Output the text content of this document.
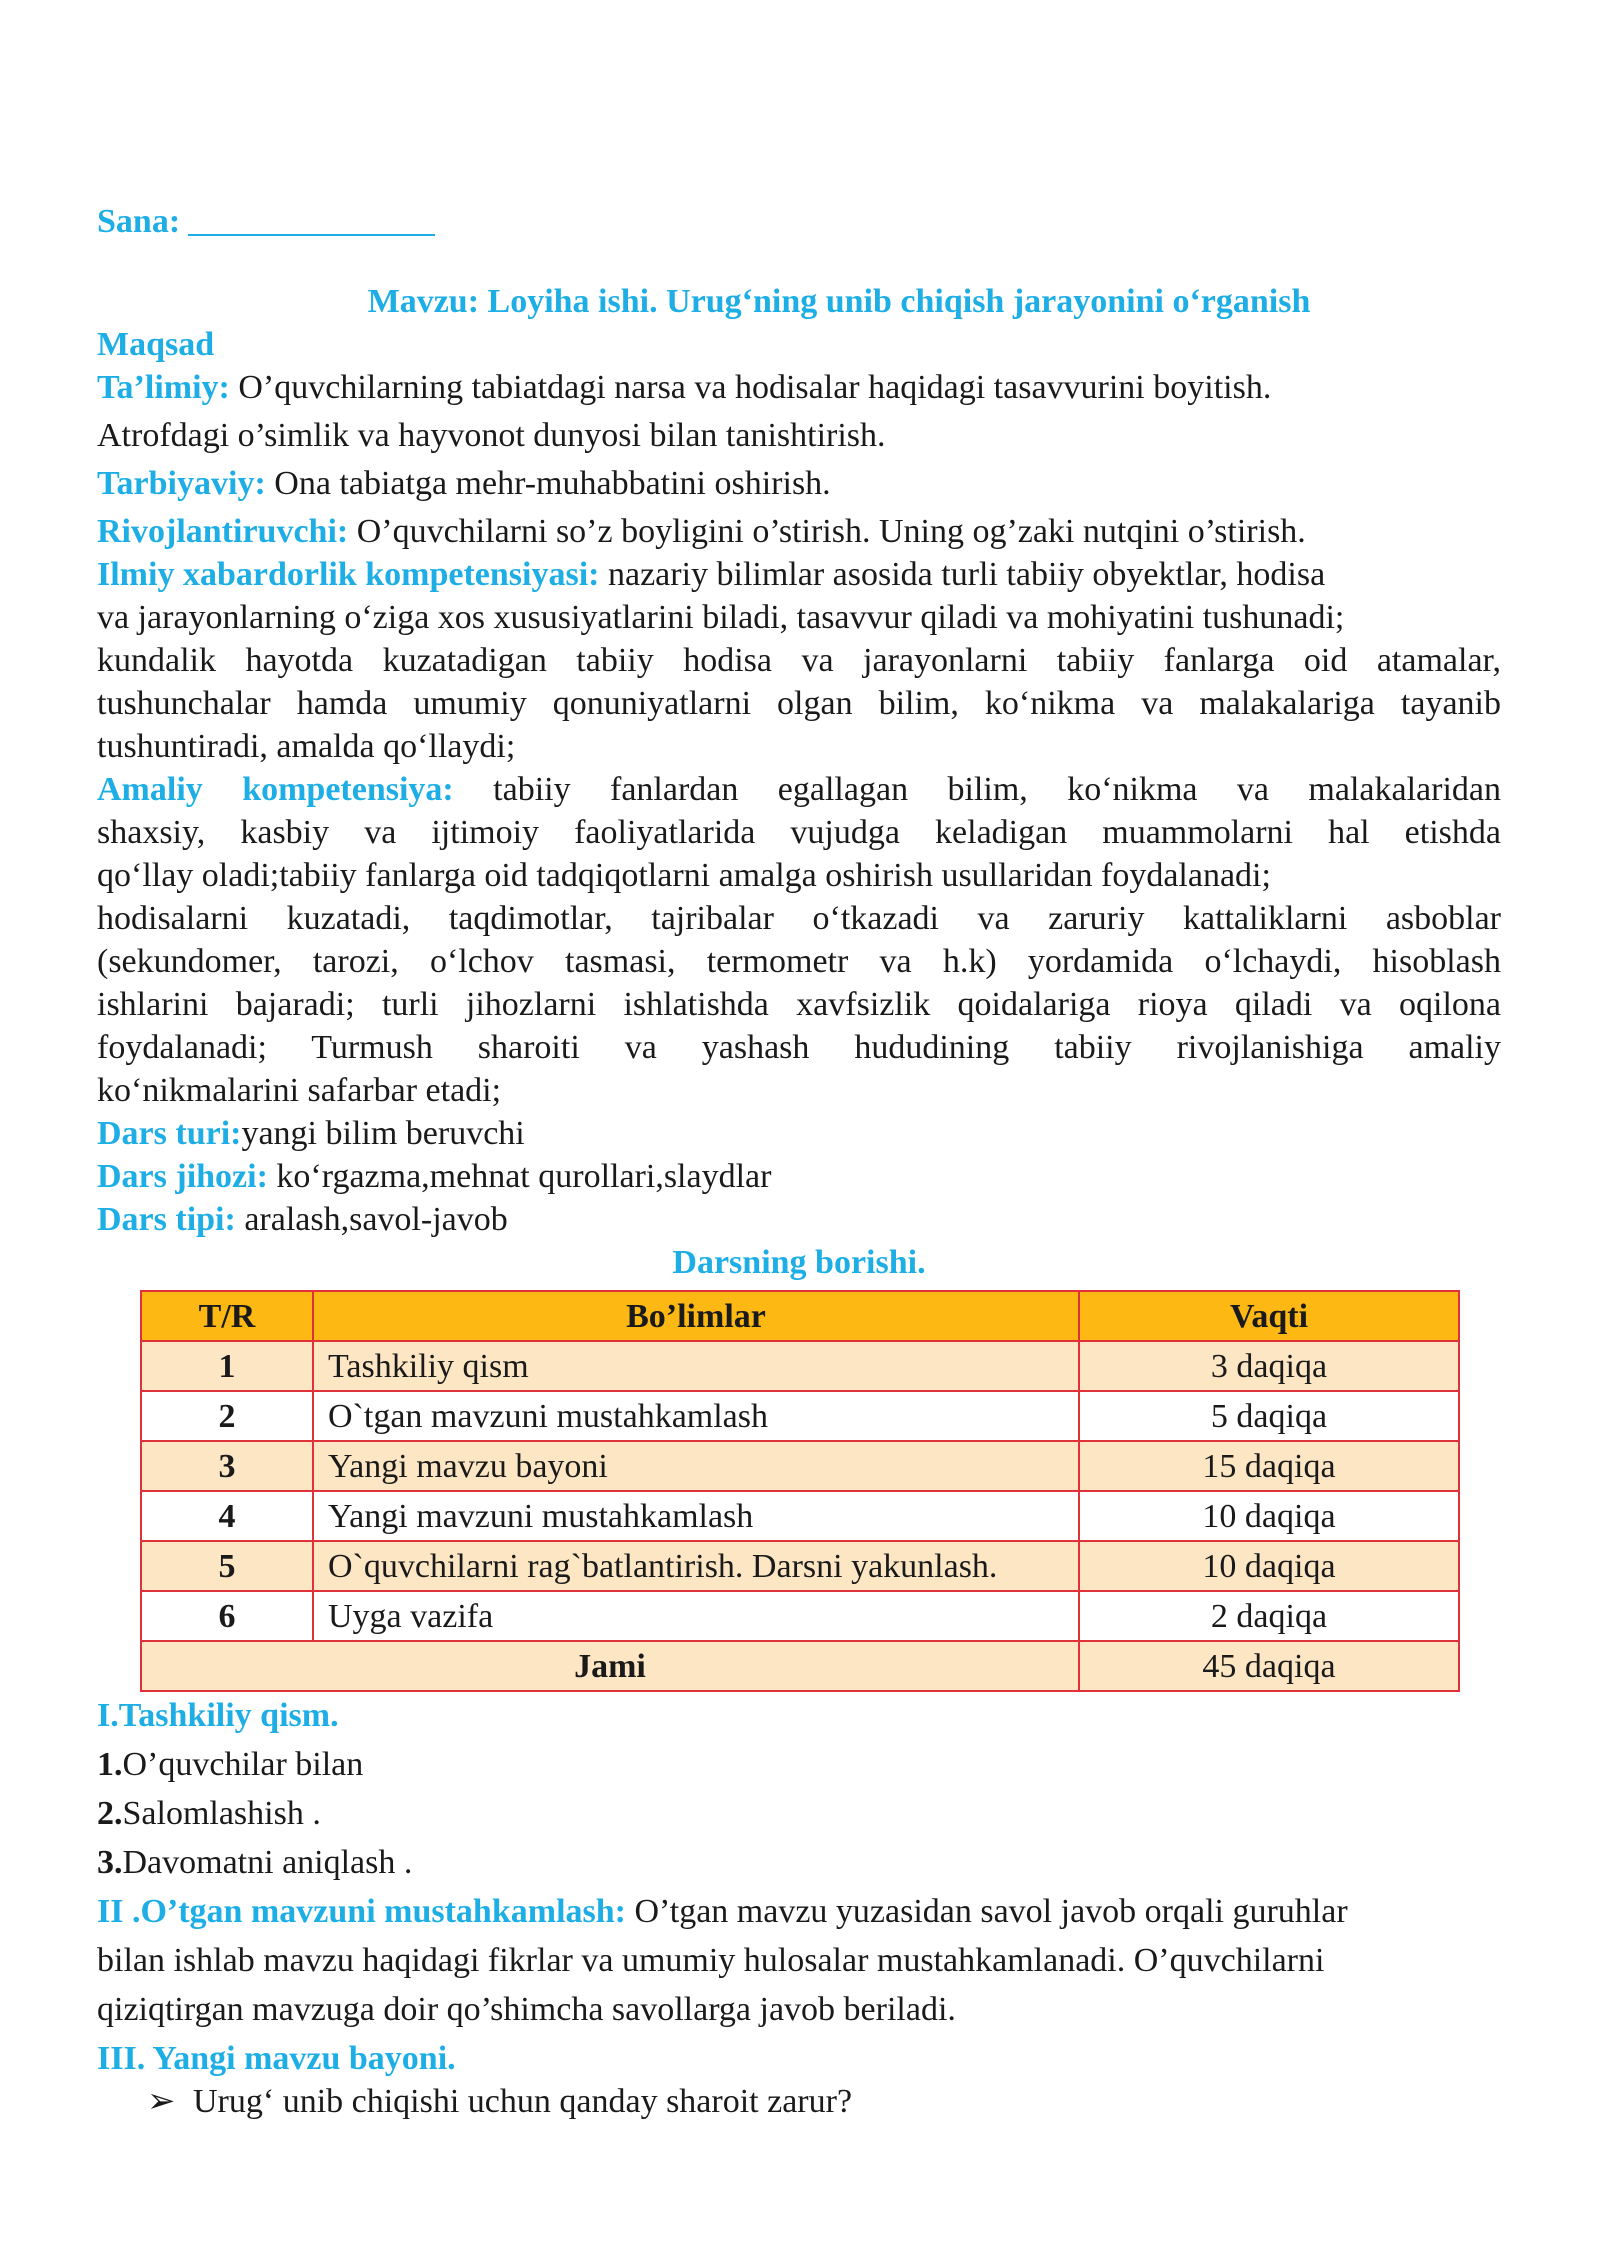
Sana:
Mavzu: Loyiha ishi. Urug‘ning unib chiqish jarayonini o‘rganish
Maqsad
Ta’limiy: O’quvchilarning tabiatdagi narsa va hodisalar haqidagi tasavvurini boyitish.
Atrofdagi o’simlik va hayvonot dunyosi bilan tanishtirish.
Tarbiyaviy: Ona tabiatga mehr-muhabbatini oshirish.
Rivojlantiruvchi: O’quvchilarni so’z boyligini o’stirish. Uning og’zaki nutqini o’stirish.
Ilmiy xabardorlik kompetensiyasi: nazariy bilimlar asosida turli tabiiy obyektlar, hodisa
va jarayonlarning o‘ziga xos xususiyatlarini biladi, tasavvur qiladi va mohiyatini tushunadi;
kundalik hayotda kuzatadigan tabiiy hodisa va jarayonlarni tabiiy fanlarga oid atamalar,
tushunchalar hamda umumiy qonuniyatlarni olgan bilim, ko‘nikma va malakalariga tayanib
tushuntiradi, amalda qo‘llaydi;
Amaliy kompetensiya: tabiiy fanlardan egallagan bilim, ko‘nikma va malakalaridan
shaxsiy, kasbiy va ijtimoiy faoliyatlarida vujudga keladigan muammolarni hal etishda
qo‘llay oladi;tabiiy fanlarga oid tadqiqotlarni amalga oshirish usullaridan foydalanadi;
hodisalarni kuzatadi, taqdimotlar, tajribalar o‘tkazadi va zaruriy kattaliklarni asboblar
(sekundomer, tarozi, o‘lchov tasmasi, termometr va h.k) yordamida o‘lchaydi, hisoblash
ishlarini bajaradi; turli jihozlarni ishlatishda xavfsizlik qoidalariga rioya qiladi va oqilona
foydalanadi; Turmush sharoiti va yashash hududining tabiiy rivojlanishiga amaliy
ko‘nikmalarini safarbar etadi;
Dars turi:yangi bilim beruvchi
Dars jihozi: ko‘rgazma,mehnat qurollari,slaydlar
Dars tipi: aralash,savol-javob
Darsning borishi.
T/R	Bo’limlar	Vaqti
1	Tashkiliy qism	3 daqiqa
2	O`tgan mavzuni mustahkamlash	5 daqiqa
3	Yangi mavzu bayoni	15 daqiqa
4	Yangi mavzuni mustahkamlash	10 daqiqa
5	O`quvchilarni rag`batlantirish. Darsni yakunlash.	10 daqiqa
6	Uyga vazifa	2 daqiqa
Jami		45 daqiqa
I.Tashkiliy qism.
1.O’quvchilar bilan
2.Salomlashish .
3.Davomatni aniqlash .
II .O’tgan mavzuni mustahkamlash: O’tgan mavzu yuzasidan savol javob orqali guruhlar
bilan ishlab mavzu haqidagi fikrlar va umumiy hulosalar mustahkamlanadi. O’quvchilarni
qiziqtirgan mavzuga doir qo’shimcha savollarga javob beriladi.
III. Yangi mavzu bayoni.
➢ Urug‘ unib chiqishi uchun qanday sharoit zarur?
